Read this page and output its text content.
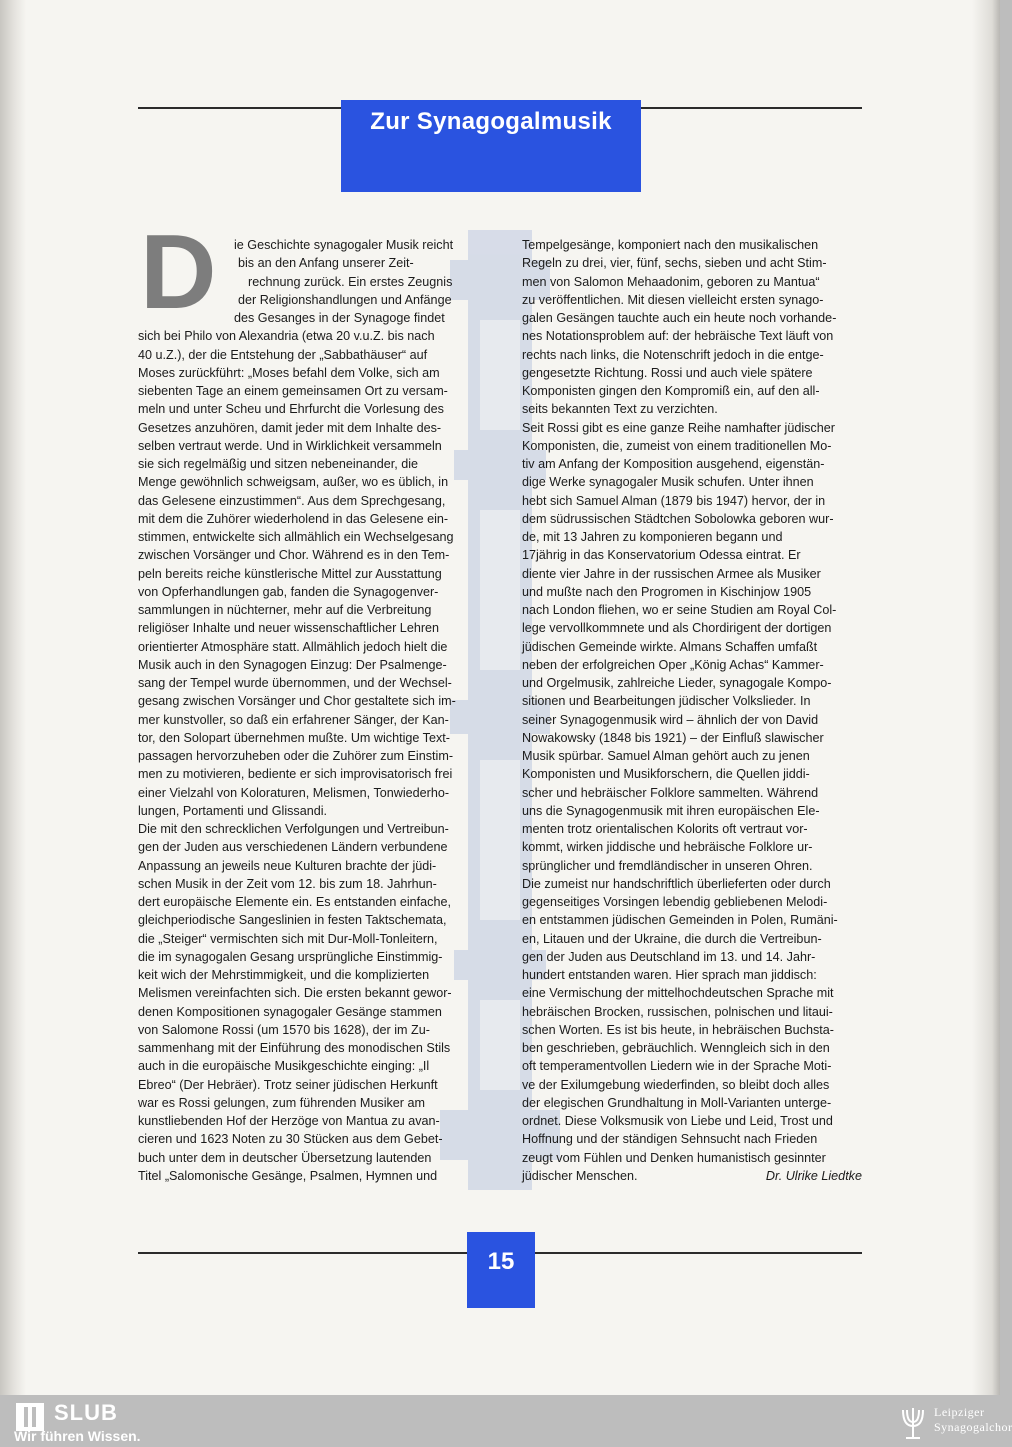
Zur Synagogalmusik
D	ie Geschichte synagogaler Musik reicht
bis an den Anfang unserer Zeit-
rechnung zurück. Ein erstes Zeugnis
der Religionshandlungen und Anfänge
des Gesanges in der Synagoge findet
sich bei Philo von Alexandria (etwa 20 v.u.Z. bis nach
40 u.Z.), der die Entstehung der „Sabbathäuser“ auf
Moses zurückführt: „Moses befahl dem Volke, sich am
siebenten Tage an einem gemeinsamen Ort zu versam-
meln und unter Scheu und Ehrfurcht die Vorlesung des
Gesetzes anzuhören, damit jeder mit dem Inhalte des-
selben vertraut werde. Und in Wirklichkeit versammeln
sie sich regelmäßig und sitzen nebeneinander, die
Menge gewöhnlich schweigsam, außer, wo es üblich, in
das Gelesene einzustimmen“. Aus dem Sprechgesang,
mit dem die Zuhörer wiederholend in das Gelesene ein-
stimmen, entwickelte sich allmählich ein Wechselgesang
zwischen Vorsänger und Chor. Während es in den Tem-
peln bereits reiche künstlerische Mittel zur Ausstattung
von Opferhandlungen gab, fanden die Synagogenver-
sammlungen in nüchterner, mehr auf die Verbreitung
religiöser Inhalte und neuer wissenschaftlicher Lehren
orientierter Atmosphäre statt. Allmählich jedoch hielt die
Musik auch in den Synagogen Einzug: Der Psalmenge-
sang der Tempel wurde übernommen, und der Wechsel-
gesang zwischen Vorsänger und Chor gestaltete sich im-
mer kunstvoller, so daß ein erfahrener Sänger, der Kan-
tor, den Solopart übernehmen mußte. Um wichtige Text-
passagen hervorzuheben oder die Zuhörer zum Einstim-
men zu motivieren, bediente er sich improvisatorisch frei
einer Vielzahl von Koloraturen, Melismen, Tonwiederho-
lungen, Portamenti und Glissandi.
Die mit den schrecklichen Verfolgungen und Vertreibun-
gen der Juden aus verschiedenen Ländern verbundene
Anpassung an jeweils neue Kulturen brachte der jüdi-
schen Musik in der Zeit vom 12. bis zum 18. Jahrhun-
dert europäische Elemente ein. Es entstanden einfache,
gleichperiodische Sangeslinien in festen Taktschemata,
die „Steiger“ vermischten sich mit Dur-Moll-Tonleitern,
die im synagogalen Gesang ursprüngliche Einstimmig-
keit wich der Mehrstimmigkeit, und die komplizierten
Melismen vereinfachten sich. Die ersten bekannt gewor-
denen Kompositionen synagogaler Gesänge stammen
von Salomone Rossi (um 1570 bis 1628), der im Zu-
sammenhang mit der Einführung des monodischen Stils
auch in die europäische Musikgeschichte einging: „Il
Ebreo“ (Der Hebräer). Trotz seiner jüdischen Herkunft
war es Rossi gelungen, zum führenden Musiker am
kunstliebenden Hof der Herzöge von Mantua zu avan-
cieren und 1623 Noten zu 30 Stücken aus dem Gebet-
buch unter dem in deutscher Übersetzung lautenden
Titel „Salomonische Gesänge, Psalmen, Hymnen und
Tempelgesänge, komponiert nach den musikalischen
Regeln zu drei, vier, fünf, sechs, sieben und acht Stim-
men von Salomon Mehaadonim, geboren zu Mantua“
zu veröffentlichen. Mit diesen vielleicht ersten synago-
galen Gesängen tauchte auch ein heute noch vorhande-
nes Notationsproblem auf: der hebräische Text läuft von
rechts nach links, die Notenschrift jedoch in die entge-
gengesetzte Richtung. Rossi und auch viele spätere
Komponisten gingen den Kompromiß ein, auf den all-
seits bekannten Text zu verzichten.
Seit Rossi gibt es eine ganze Reihe namhafter jüdischer
Komponisten, die, zumeist von einem traditionellen Mo-
tiv am Anfang der Komposition ausgehend, eigenstän-
dige Werke synagogaler Musik schufen. Unter ihnen
hebt sich Samuel Alman (1879 bis 1947) hervor, der in
dem südrussischen Städtchen Sobolowka geboren wur-
de, mit 13 Jahren zu komponieren begann und
17jährig in das Konservatorium Odessa eintrat. Er
diente vier Jahre in der russischen Armee als Musiker
und mußte nach den Progromen in Kischinjow 1905
nach London fliehen, wo er seine Studien am Royal Col-
lege vervollkommnete und als Chordirigent der dortigen
jüdischen Gemeinde wirkte. Almans Schaffen umfaßt
neben der erfolgreichen Oper „König Achas“ Kammer-
und Orgelmusik, zahlreiche Lieder, synagogale Kompo-
sitionen und Bearbeitungen jüdischer Volkslieder. In
seiner Synagogenmusik wird – ähnlich der von David
Nowakowsky (1848 bis 1921) – der Einfluß slawischer
Musik spürbar. Samuel Alman gehört auch zu jenen
Komponisten und Musikforschern, die Quellen jiddi-
scher und hebräischer Folklore sammelten. Während
uns die Synagogenmusik mit ihren europäischen Ele-
menten trotz orientalischen Kolorits oft vertraut vor-
kommt, wirken jiddische und hebräische Folklore ur-
sprünglicher und fremdländischer in unseren Ohren.
Die zumeist nur handschriftlich überlieferten oder durch
gegenseitiges Vorsingen lebendig gebliebenen Melodi-
en entstammen jüdischen Gemeinden in Polen, Rumäni-
en, Litauen und der Ukraine, die durch die Vertreibun-
gen der Juden aus Deutschland im 13. und 14. Jahr-
hundert entstanden waren. Hier sprach man jiddisch:
eine Vermischung der mittelhochdeutschen Sprache mit
hebräischen Brocken, russischen, polnischen und litaui-
schen Worten. Es ist bis heute, in hebräischen Buchsta-
ben geschrieben, gebräuchlich. Wenngleich sich in den
oft temperamentvollen Liedern wie in der Sprache Moti-
ve der Exilumgebung wiederfinden, so bleibt doch alles
der elegischen Grundhaltung in Moll-Varianten unterge-
ordnet. Diese Volksmusik von Liebe und Leid, Trost und
Hoffnung und der ständigen Sehnsucht nach Frieden
zeugt vom Fühlen und Denken humanistisch gesinnter
jüdischer Menschen.	Dr. Ulrike Liedtke
15
SLUB
Wir führen Wissen.
Leipziger
Synagogalchor
